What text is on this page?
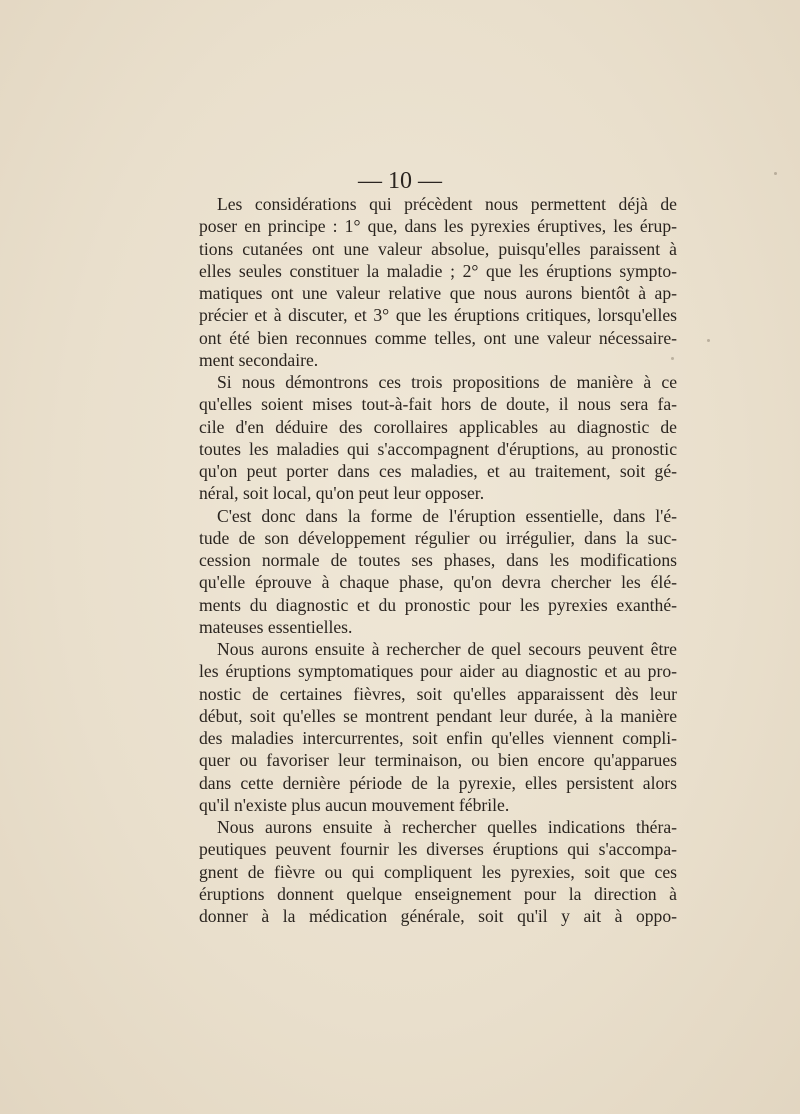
— 10 —
Les considérations qui précèdent nous permettent déjà de
poser en principe : 1° que, dans les pyrexies éruptives, les érup-
tions cutanées ont une valeur absolue, puisqu'elles paraissent à
elles seules constituer la maladie ; 2° que les éruptions sympto-
matiques ont une valeur relative que nous aurons bientôt à ap-
précier et à discuter, et 3° que les éruptions critiques, lorsqu'elles
ont été bien reconnues comme telles, ont une valeur nécessaire-
ment secondaire.
Si nous démontrons ces trois propositions de manière à ce
qu'elles soient mises tout-à-fait hors de doute, il nous sera fa-
cile d'en déduire des corollaires applicables au diagnostic de
toutes les maladies qui s'accompagnent d'éruptions, au pronostic
qu'on peut porter dans ces maladies, et au traitement, soit gé-
néral, soit local, qu'on peut leur opposer.
C'est donc dans la forme de l'éruption essentielle, dans l'é-
tude de son développement régulier ou irrégulier, dans la suc-
cession normale de toutes ses phases, dans les modifications
qu'elle éprouve à chaque phase, qu'on devra chercher les élé-
ments du diagnostic et du pronostic pour les pyrexies exanthé-
mateuses essentielles.
Nous aurons ensuite à rechercher de quel secours peuvent être
les éruptions symptomatiques pour aider au diagnostic et au pro-
nostic de certaines fièvres, soit qu'elles apparaissent dès leur
début, soit qu'elles se montrent pendant leur durée, à la manière
des maladies intercurrentes, soit enfin qu'elles viennent compli-
quer ou favoriser leur terminaison, ou bien encore qu'apparues
dans cette dernière période de la pyrexie, elles persistent alors
qu'il n'existe plus aucun mouvement fébrile.
Nous aurons ensuite à rechercher quelles indications théra-
peutiques peuvent fournir les diverses éruptions qui s'accompa-
gnent de fièvre ou qui compliquent les pyrexies, soit que ces
éruptions donnent quelque enseignement pour la direction à
donner à la médication générale, soit qu'il y ait à oppo-
